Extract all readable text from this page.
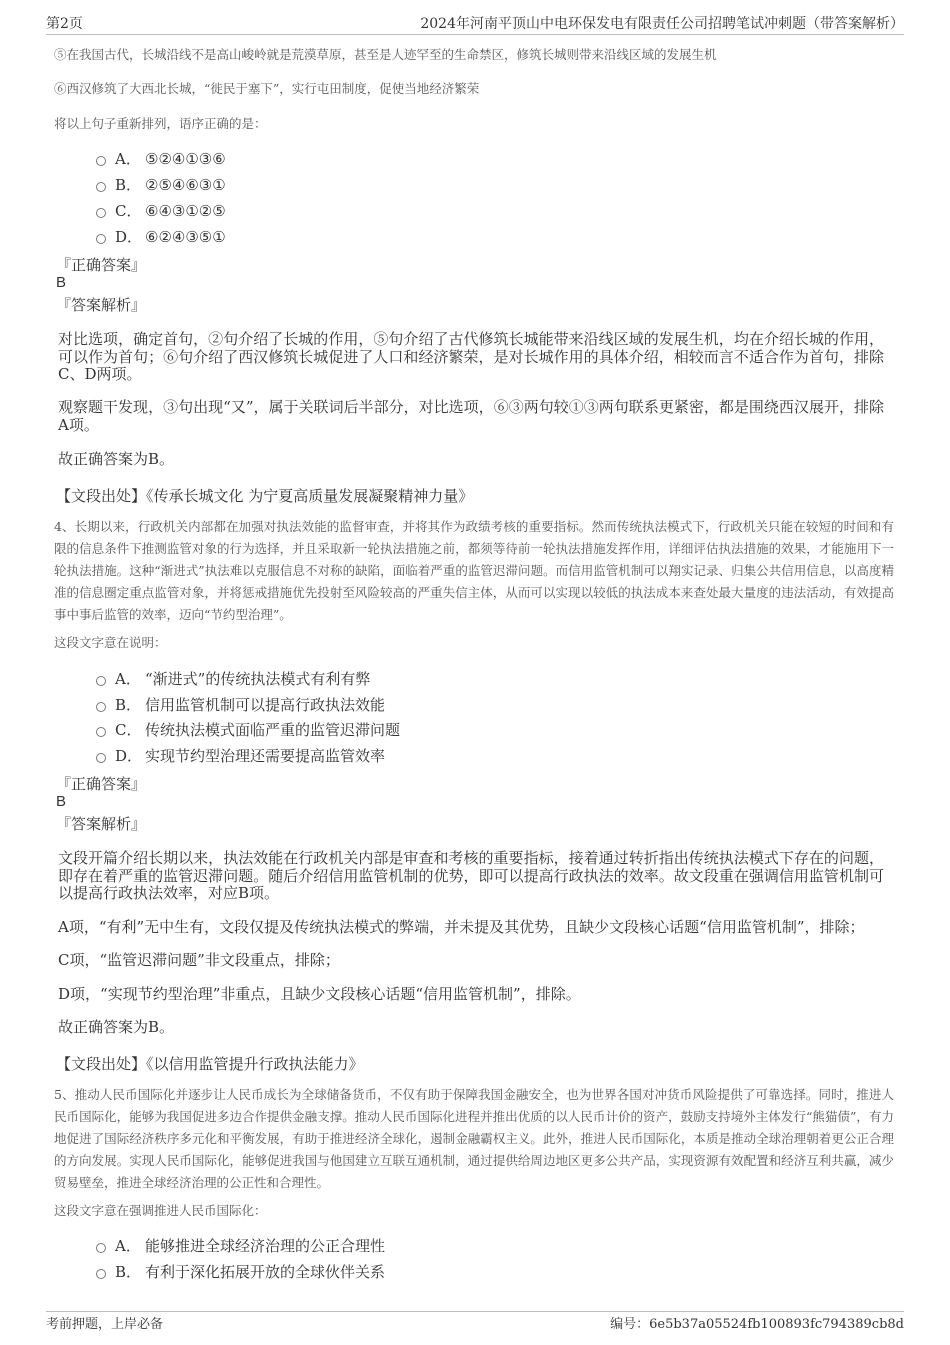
第2页	2024年河南平顶山中电环保发电有限责任公司招聘笔试冲刺题（带答案解析）
⑤在我国古代，长城沿线不是高山峻岭就是荒漠草原，甚至是人迹罕至的生命禁区，修筑长城则带来沿线区域的发展生机
⑥西汉修筑了大西北长城，“徙民于塞下”，实行屯田制度，促使当地经济繁荣
将以上句子重新排列，语序正确的是：
A． ⑤②④①③⑥
B． ②⑤④⑥③①
C． ⑥④③①②⑤
D． ⑥②④③⑤①
『正确答案』
B
『答案解析』
对比选项，确定首句，②句介绍了长城的作用，⑤句介绍了古代修筑长城能带来沿线区域的发展生机，均在介绍长城的作用，可以作为首句；⑥句介绍了西汉修筑长城促进了人口和经济繁荣，是对长城作用的具体介绍，相较而言不适合作为首句，排除C、D两项。
观察题干发现，③句出现“又”，属于关联词后半部分，对比选项，⑥③两句较①③两句联系更紧密，都是围绕西汉展开，排除A项。
故正确答案为B。
【文段出处】《传承长城文化 为宁夏高质量发展凝聚精神力量》
4、长期以来，行政机关内部都在加强对执法效能的监督审查，并将其作为政绩考核的重要指标。然而传统执法模式下，行政机关只能在较短的时间和有限的信息条件下推测监管对象的行为选择，并且采取新一轮执法措施之前，都须等待前一轮执法措施发挥作用，详细评估执法措施的效果，才能施用下一轮执法措施。这种“渐进式”执法难以克服信息不对称的缺陷，面临着严重的监管迟滞问题。而信用监管机制可以翔实记录、归集公共信用信息，以高度精准的信息圈定重点监管对象，并将惩戒措施优先投射至风险较高的严重失信主体，从而可以实现以较低的执法成本来查处最大量度的违法活动，有效提高事中事后监管的效率，迈向“节约型治理”。
这段文字意在说明：
A． “渐进式”的传统执法模式有利有弊
B． 信用监管机制可以提高行政执法效能
C． 传统执法模式面临严重的监管迟滞问题
D． 实现节约型治理还需要提高监管效率
『正确答案』
B
『答案解析』
文段开篇介绍长期以来，执法效能在行政机关内部是审查和考核的重要指标，接着通过转折指出传统执法模式下存在的问题，即存在着严重的监管迟滞问题。随后介绍信用监管机制的优势，即可以提高行政执法的效率。故文段重在强调信用监管机制可以提高行政执法效率，对应B项。
A项，“有利”无中生有，文段仅提及传统执法模式的弊端，并未提及其优势，且缺少文段核心话题“信用监管机制”，排除；
C项，“监管迟滞问题”非文段重点，排除；
D项，“实现节约型治理”非重点，且缺少文段核心话题“信用监管机制”，排除。
故正确答案为B。
【文段出处】《以信用监管提升行政执法能力》
5、推动人民币国际化并逐步让人民币成长为全球储备货币，不仅有助于保障我国金融安全，也为世界各国对冲货币风险提供了可靠选择。同时，推进人民币国际化，能够为我国促进多边合作提供金融支撑。推动人民币国际化进程并推出优质的以人民币计价的资产，鼓励支持境外主体发行“熊猫债”，有力地促进了国际经济秩序多元化和平衡发展，有助于推进经济全球化，遏制金融霸权主义。此外，推进人民币国际化，本质是推动全球治理朝着更公正合理的方向发展。实现人民币国际化，能够促进我国与他国建立互联互通机制，通过提供给周边地区更多公共产品，实现资源有效配置和经济互利共赢，减少贸易壁垒，推进全球经济治理的公正性和合理性。
这段文字意在强调推进人民币国际化：
A． 能够推进全球经济治理的公正合理性
B． 有利于深化拓展开放的全球伙伴关系
考前押题，上岸必备	编号：6e5b37a05524fb100893fc794389cb8d
